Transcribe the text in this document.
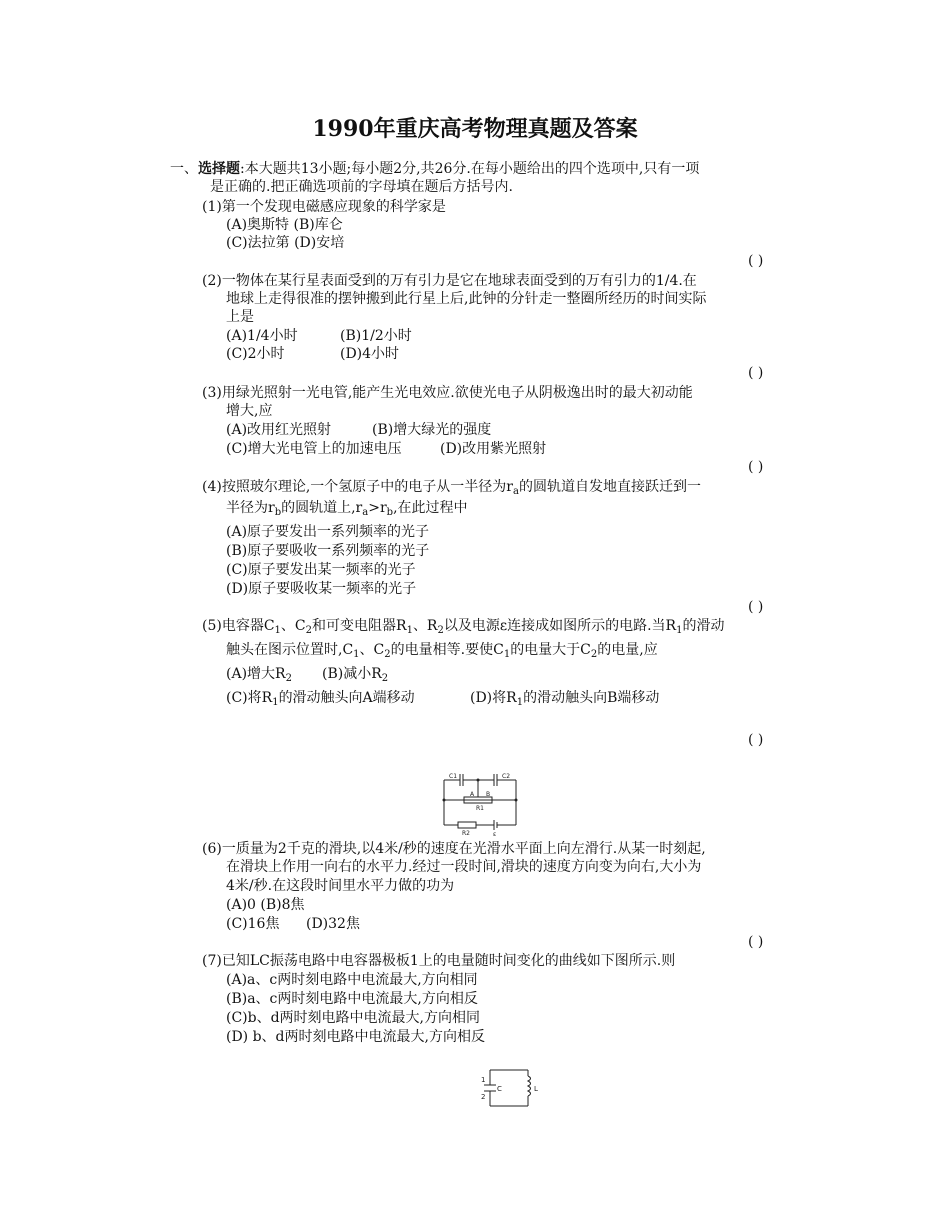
1990年重庆高考物理真题及答案
一、选择题:本大题共13小题;每小题2分,共26分.在每小题给出的四个选项中,只有一项
是正确的.把正确选项前的字母填在题后方括号内.
(1)第一个发现电磁感应现象的科学家是
(A)奥斯特 (B)库仑
(C)法拉第 (D)安培
( )
(2)一物体在某行星表面受到的万有引力是它在地球表面受到的万有引力的1/4.在
地球上走得很准的摆钟搬到此行星上后,此钟的分针走一整圈所经历的时间实际
上是
(A)1/4小时	(B)1/2小时
(C)2小时	(D)4小时
( )
(3)用绿光照射一光电管,能产生光电效应.欲使光电子从阴极逸出时的最大初动能
增大,应
(A)改用红光照射	(B)增大绿光的强度
(C)增大光电管上的加速电压	(D)改用紫光照射
( )
(4)按照玻尔理论,一个氢原子中的电子从一半径为$r_a$的圆轨道自发地直接跃迁到一
半径为$r_b$的圆轨道上$,r_a>r_b$,在此过程中
(A)原子要发出一系列频率的光子
(B)原子要吸收一系列频率的光子
(C)原子要发出某一频率的光子
(D)原子要吸收某一频率的光子
( )
(5)电容器$C_1$、$C_2$和可变电阻器$R_1$、$R_2$以及电源ε连接成如图所示的电路.当$R_1$的滑动
触头在图示位置时$,C_1$、$C_2$的电量相等.要使$C_1$的电量大于$C_2$的电量,应
(A)增大$R_2$ (B)减小$R_2$
(C)将$R_1$的滑动触头向A端移动	(D)将$R_1$的滑动触头向B端移动
( )
C1	C2
A B
R1
R2	ε
(6)一质量为2千克的滑块,以4米/秒的速度在光滑水平面上向左滑行.从某一时刻起,
在滑块上作用一向右的水平力.经过一段时间,滑块的速度方向变为向右,大小为
4米/秒.在这段时间里水平力做的功为
(A)0 (B)8焦
(C)16焦 (D)32焦
( )
(7)已知LC振荡电路中电容器极板1上的电量随时间变化的曲线如下图所示.则
(A)a、c两时刻电路中电流最大,方向相同
(B)a、c两时刻电路中电流最大,方向相反
(C)b、d两时刻电路中电流最大,方向相同
(D) b、d两时刻电路中电流最大,方向相反
1
2
C	L
